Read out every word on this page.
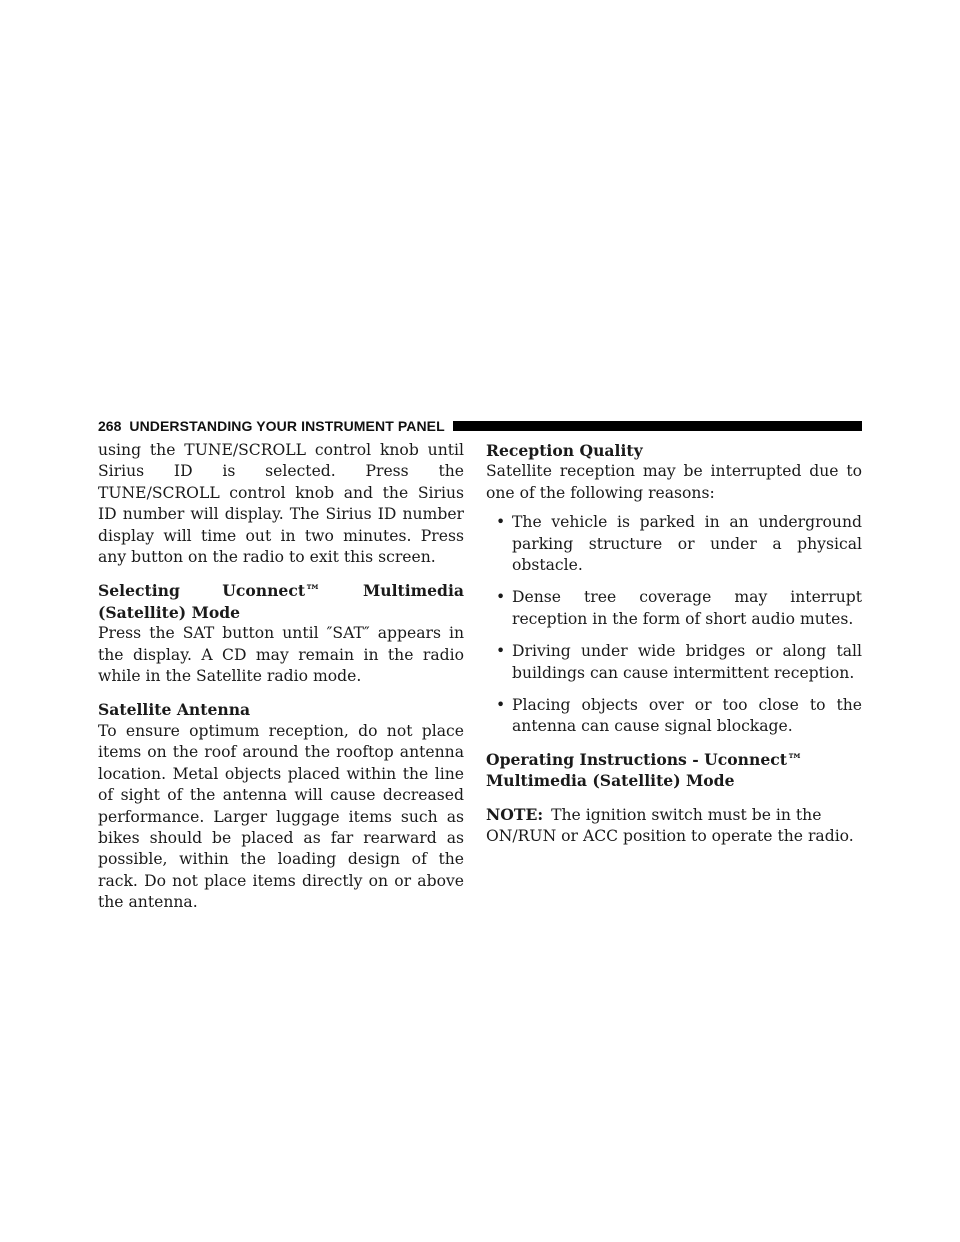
268 UNDERSTANDING YOUR INSTRUMENT PANEL

using the TUNE/SCROLL control knob until Sirius ID is selected. Press the TUNE/SCROLL control knob and the Sirius ID number will display. The Sirius ID number display will time out in two minutes. Press any button on the radio to exit this screen.

Selecting Uconnect™ Multimedia (Satellite) Mode

Press the SAT button until ″SAT″ appears in the display. A CD may remain in the radio while in the Satellite radio mode.

Satellite Antenna

To ensure optimum reception, do not place items on the roof around the rooftop antenna location. Metal objects placed within the line of sight of the antenna will cause decreased performance. Larger luggage items such as bikes should be placed as far rearward as possible, within the loading design of the rack. Do not place items directly on or above the antenna.

Reception Quality

Satellite reception may be interrupted due to one of the following reasons:

• The vehicle is parked in an underground parking structure or under a physical obstacle.
• Dense tree coverage may interrupt reception in the form of short audio mutes.
• Driving under wide bridges or along tall buildings can cause intermittent reception.
• Placing objects over or too close to the antenna can cause signal blockage.

Operating Instructions - Uconnect™ Multimedia (Satellite) Mode

NOTE: The ignition switch must be in the ON/RUN or ACC position to operate the radio.
